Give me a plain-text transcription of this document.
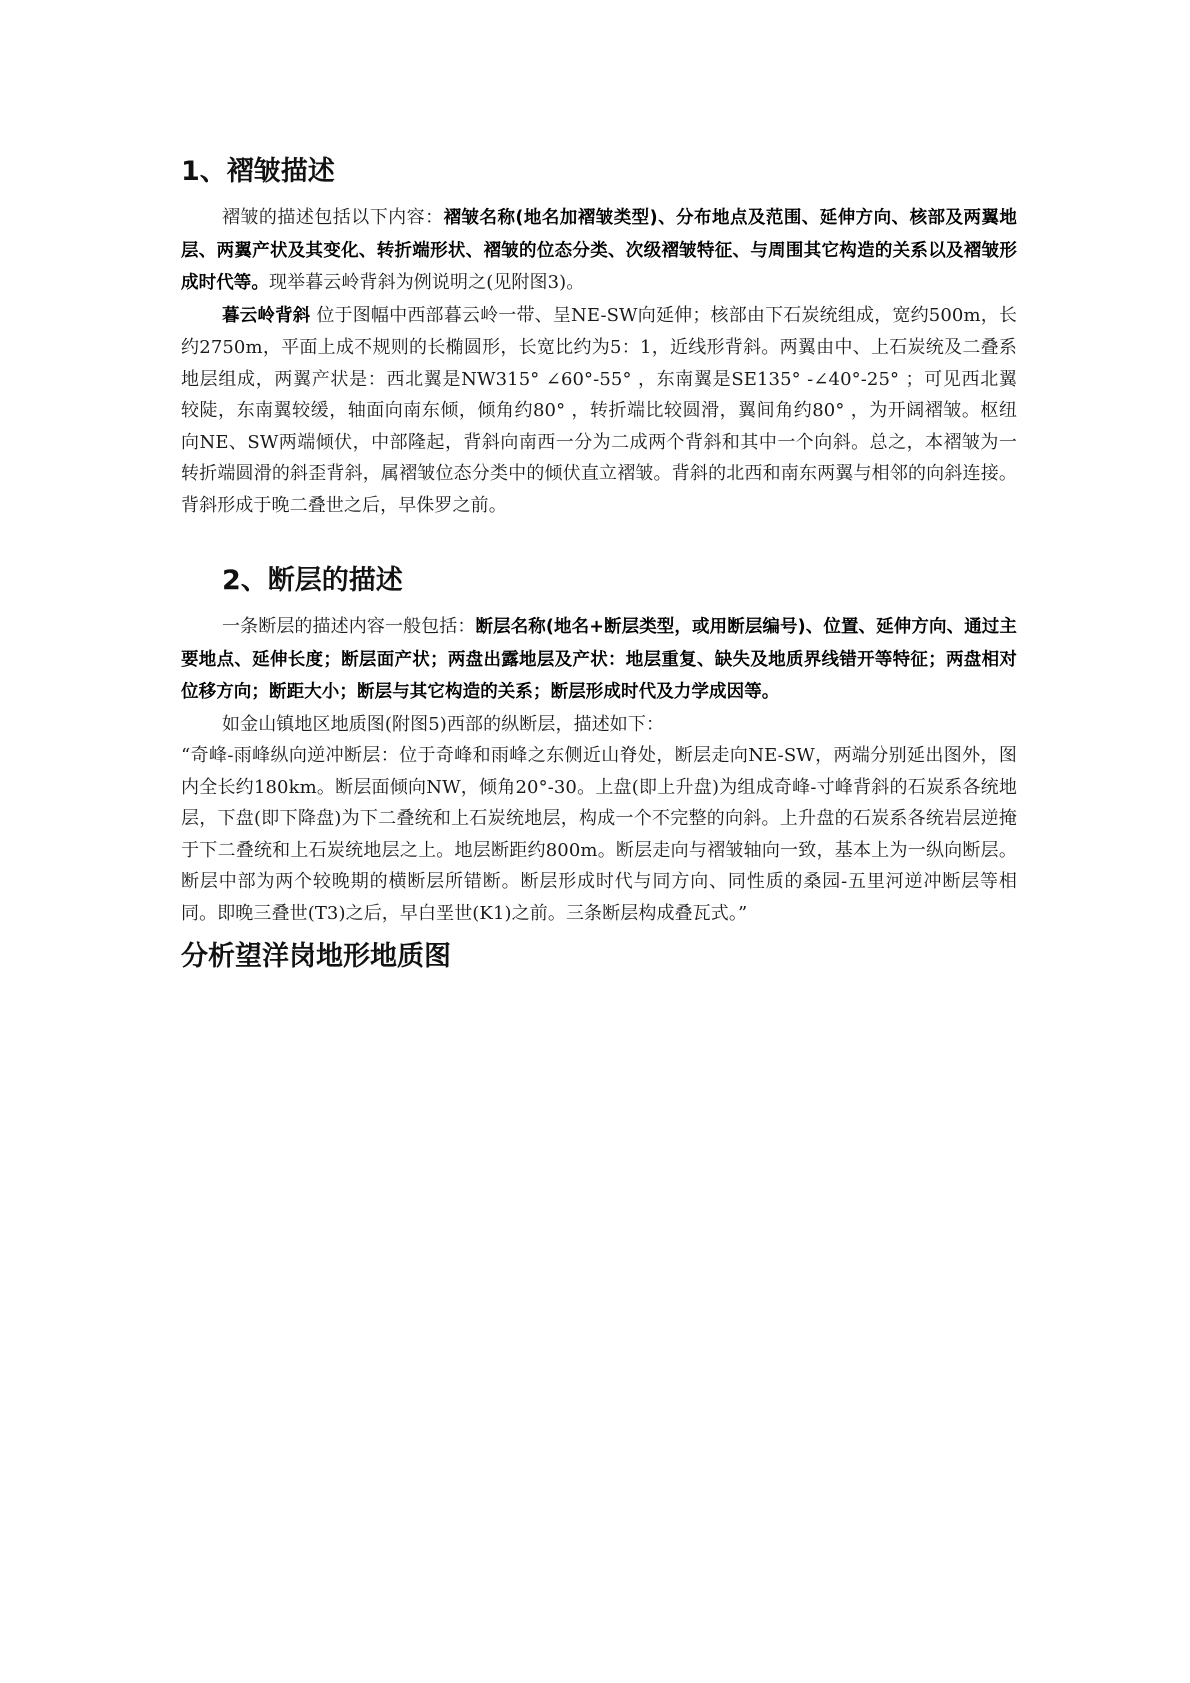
1、褶皱描述

褶皱的描述包括以下内容：褶皱名称(地名加褶皱类型)、分布地点及范围、延伸方向、核部及两翼地层、两翼产状及其变化、转折端形状、褶皱的位态分类、次级褶皱特征、与周围其它构造的关系以及褶皱形成时代等。现举暮云岭背斜为例说明之(见附图3)。

暮云岭背斜 位于图幅中西部暮云岭一带、呈NE-SW向延伸；核部由下石炭统组成，宽约500m，长约2750m，平面上成不规则的长椭圆形，长宽比约为5：1，近线形背斜。两翼由中、上石炭统及二叠系地层组成，两翼产状是：西北翼是NW315° ∠60°-55° ，东南翼是SE135° -∠40°-25° ；可见西北翼较陡，东南翼较缓，轴面向南东倾，倾角约80° ，转折端比较圆滑，翼间角约80° ，为开阔褶皱。枢纽向NE、SW两端倾伏，中部隆起，背斜向南西一分为二成两个背斜和其中一个向斜。总之，本褶皱为一转折端圆滑的斜歪背斜，属褶皱位态分类中的倾伏直立褶皱。背斜的北西和南东两翼与相邻的向斜连接。背斜形成于晚二叠世之后，早侏罗之前。

2、断层的描述

一条断层的描述内容一般包括：断层名称(地名+断层类型，或用断层编号)、位置、延伸方向、通过主要地点、延伸长度；断层面产状；两盘出露地层及产状：地层重复、缺失及地质界线错开等特征；两盘相对位移方向；断距大小；断层与其它构造的关系；断层形成时代及力学成因等。

如金山镇地区地质图(附图5)西部的纵断层，描述如下：

“奇峰-雨峰纵向逆冲断层：位于奇峰和雨峰之东侧近山脊处，断层走向NE-SW，两端分别延出图外，图内全长约180km。断层面倾向NW，倾角20°-30。上盘(即上升盘)为组成奇峰-寸峰背斜的石炭系各统地层，下盘(即下降盘)为下二叠统和上石炭统地层，构成一个不完整的向斜。上升盘的石炭系各统岩层逆掩于下二叠统和上石炭统地层之上。地层断距约800m。断层走向与褶皱轴向一致，基本上为一纵向断层。断层中部为两个较晚期的横断层所错断。断层形成时代与同方向、同性质的桑园-五里河逆冲断层等相同。即晚三叠世(T3)之后，早白垩世(K1)之前。三条断层构成叠瓦式。”

分析望洋岗地形地质图
